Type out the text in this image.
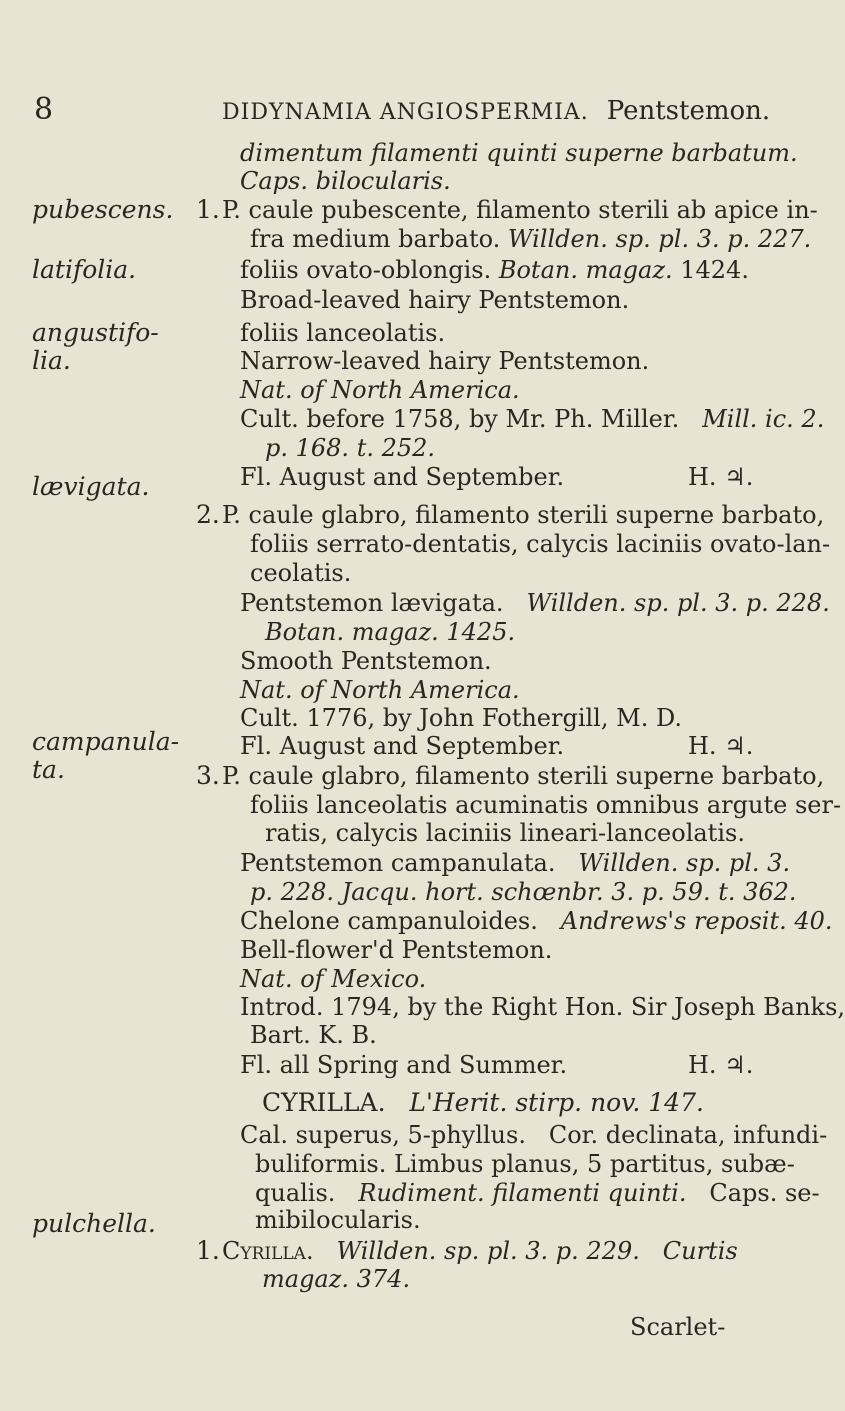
8	DIDYNAMIA ANGIOSPERMIA. Pentstemon.
pubescens.
latifolia.
angustifo-
lia.
lævigata.
campanula-
ta.
pulchella.
dimentum filamenti quinti superne barbatum.
Caps. bilocularis.
1. P. caule pubescente, filamento sterili ab apice in-
fra medium barbato. Willden. sp. pl. 3. p. 227.
foliis ovato-oblongis. Botan. magaz. 1424.
Broad-leaved hairy Pentstemon.
foliis lanceolatis.
Narrow-leaved hairy Pentstemon.
Nat. of North America.
Cult. before 1758, by Mr. Ph. Miller. Mill. ic. 2.
p. 168. t. 252.
Fl. August and September.	H. ♃.
2. P. caule glabro, filamento sterili superne barbato,
foliis serrato-dentatis, calycis laciniis ovato-lan-
ceolatis.
Pentstemon lævigata. Willden. sp. pl. 3. p. 228.
Botan. magaz. 1425.
Smooth Pentstemon.
Nat. of North America.
Cult. 1776, by John Fothergill, M. D.
Fl. August and September.	H. ♃.
3. P. caule glabro, filamento sterili superne barbato,
foliis lanceolatis acuminatis omnibus argute ser-
ratis, calycis laciniis lineari-lanceolatis.
Pentstemon campanulata. Willden. sp. pl. 3.
p. 228. Jacqu. hort. schœnbr. 3. p. 59. t. 362.
Chelone campanuloides. Andrews's reposit. 40.
Bell-flower'd Pentstemon.
Nat. of Mexico.
Introd. 1794, by the Right Hon. Sir Joseph Banks,
Bart. K. B.
Fl. all Spring and Summer.	H. ♃.
CYRILLA. L'Herit. stirp. nov. 147.
Cal. superus, 5-phyllus. Cor. declinata, infundi-
buliformis. Limbus planus, 5 partitus, subæ-
qualis. Rudiment. filamenti quinti. Caps. se-
mibilocularis.
1. Cyrilla. Willden. sp. pl. 3. p. 229. Curtis
magaz. 374.
Scarlet-
